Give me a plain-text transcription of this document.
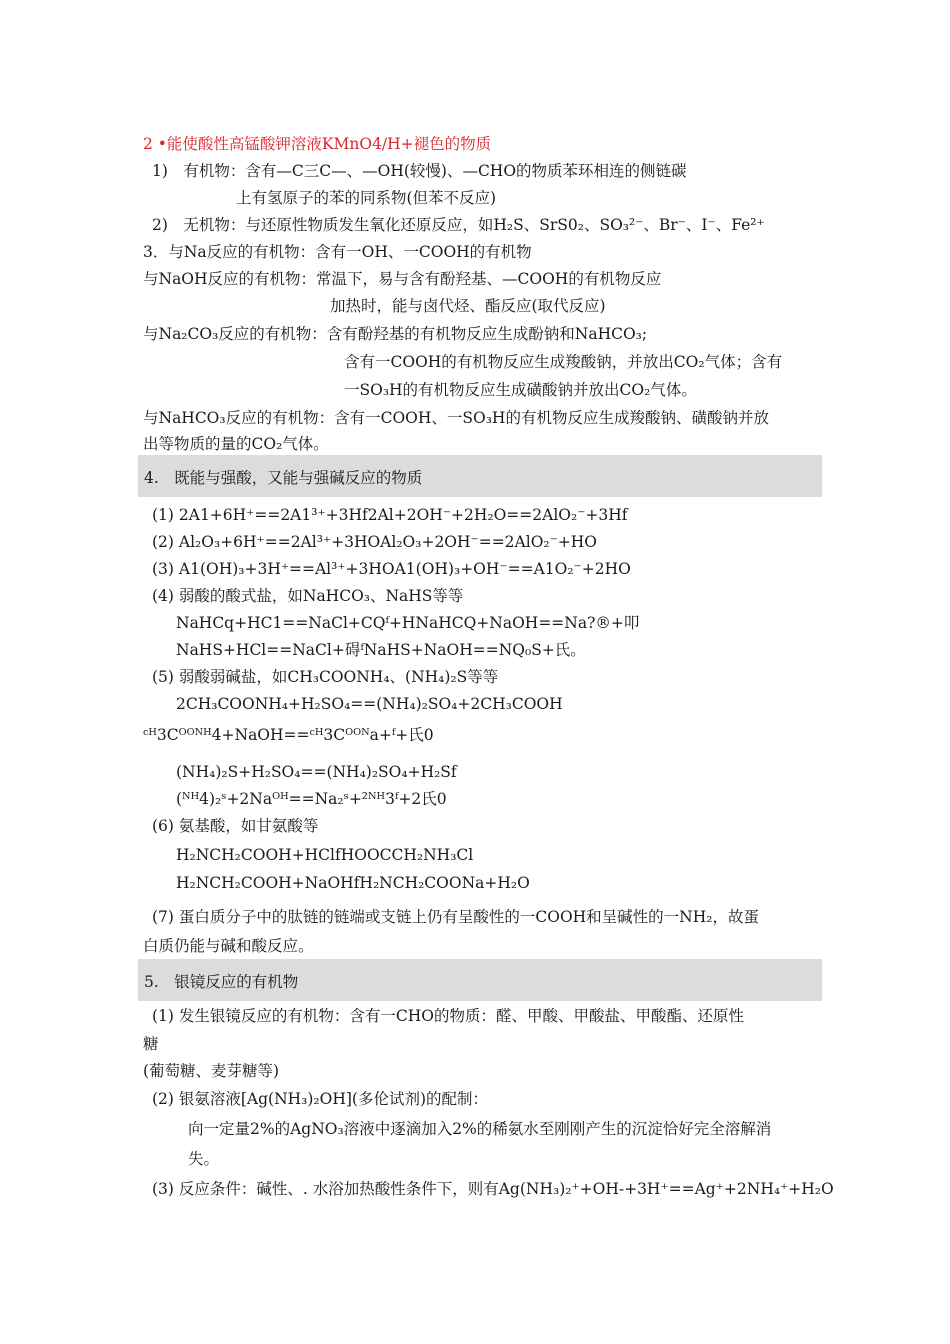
2 •能使酸性高锰酸钾溶液KMnO4/H+褪色的物质
1)　有机物：含有—C三C—、—OH(较慢)、—CHO的物质苯环相连的侧链碳
上有氢原子的苯的同系物(但苯不反应)
2)　无机物：与还原性物质发生氧化还原反应，如H₂S、SrS0₂、SO₃²⁻、Br⁻、I⁻、Fe²⁺
3．与Na反应的有机物：含有一OH、一COOH的有机物
与NaOH反应的有机物：常温下，易与含有酚羟基、—COOH的有机物反应
加热时，能与卤代烃、酯反应(取代反应)
与Na₂CO₃反应的有机物：含有酚羟基的有机物反应生成酚钠和NaHCO₃;
含有一COOH的有机物反应生成羧酸钠，并放出CO₂气体；含有
一SO₃H的有机物反应生成磺酸钠并放出CO₂气体。
与NaHCO₃反应的有机物：含有一COOH、一SO₃H的有机物反应生成羧酸钠、磺酸钠并放
出等物质的量的CO₂气体。
4.　既能与强酸，又能与强碱反应的物质
(1) 2A1+6H⁺==2A1³⁺+3Hf2Al+2OH⁻+2H₂O==2AlO₂⁻+3Hf
(2) Al₂O₃+6H⁺==2Al³⁺+3HOAl₂O₃+2OH⁻==2AlO₂⁻+HO
(3) A1(OH)₃+3H⁺==Al³⁺+3HOA1(OH)₃+OH⁻==A1O₂⁻+2HO
(4) 弱酸的酸式盐，如NaHCO₃、NaHS等等
NaHCq+HC1==NaCl+CQᶠ+HNaHCQ+NaOH==Na?®+叩
NaHS+HCl==NaCl+碍ᶠNaHS+NaOH==NQ₀S+氏。
(5) 弱酸弱碱盐，如CH₃COONH₄、(NH₄)₂S等等
2CH₃COONH₄+H₂SO₄==(NH₄)₂SO₄+2CH₃COOH
ᶜᴴ3Cᴼᴼᴺᴴ4+NaOH==ᶜᴴ3Cᴼᴼᴺa+ᶠ+氏0
(NH₄)₂S+H₂SO₄==(NH₄)₂SO₄+H₂Sf
(ᴺᴴ4)₂ˢ+2Naᴼᴴ==Na₂ˢ+²ᴺᴴ3ᶠ+2氏0
(6) 氨基酸，如甘氨酸等
H₂NCH₂COOH+HClfHOOCCH₂NH₃Cl
H₂NCH₂COOH+NaOHfH₂NCH₂COONa+H₂O
(7) 蛋白质分子中的肽链的链端或支链上仍有呈酸性的一COOH和呈碱性的一NH₂，故蛋
白质仍能与碱和酸反应。
5.　银镜反应的有机物
(1) 发生银镜反应的有机物：含有一CHO的物质：醛、甲酸、甲酸盐、甲酸酯、还原性
糖
(葡萄糖、麦芽糖等)
(2) 银氨溶液[Ag(NH₃)₂OH](多伦试剂)的配制：
向一定量2%的AgNO₃溶液中逐滴加入2%的稀氨水至刚刚产生的沉淀恰好完全溶解消
失。
(3) 反应条件：碱性、. 水浴加热酸性条件下，则有Ag(NH₃)₂⁺+OH-+3H⁺==Ag⁺+2NH₄⁺+H₂O
